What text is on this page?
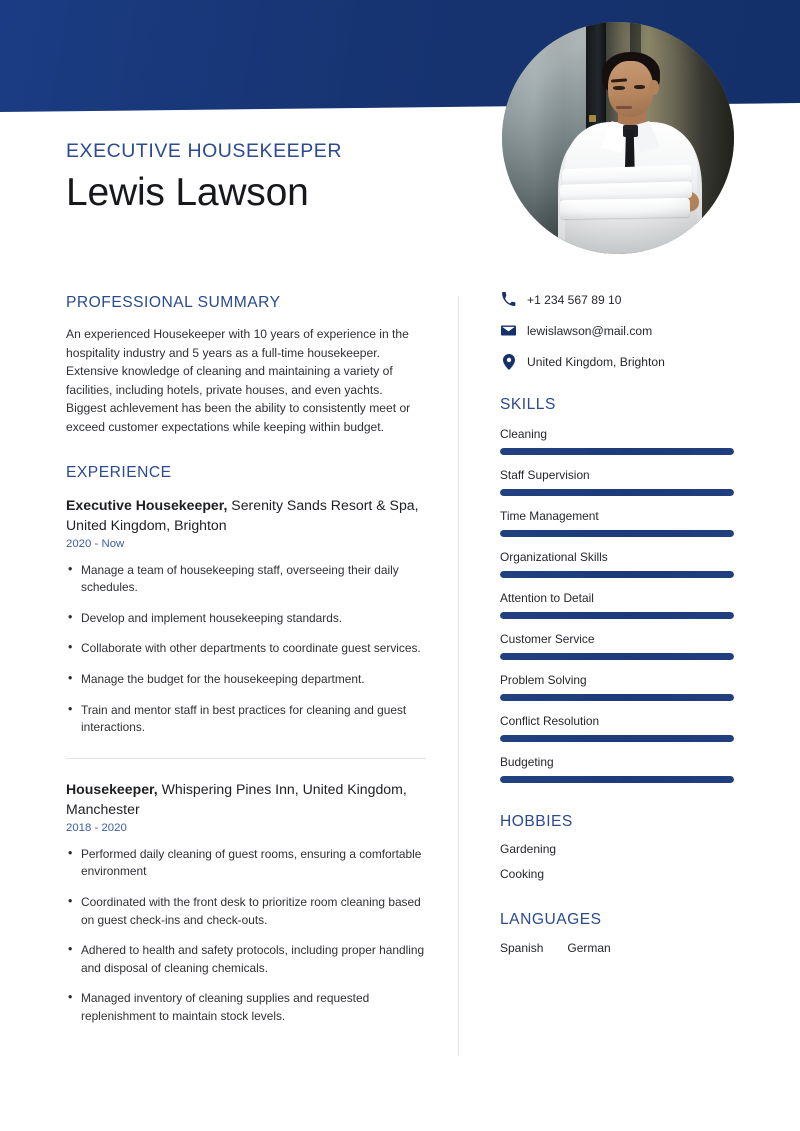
EXECUTIVE HOUSEKEEPER
Lewis Lawson
PROFESSIONAL SUMMARY
An experienced Housekeeper with 10 years of experience in the hospitality industry and 5 years as a full-time housekeeper. Extensive knowledge of cleaning and maintaining a variety of facilities, including hotels, private houses, and even yachts. Biggest achlevement has been the ability to consistently meet or exceed customer expectations while keeping within budget.
EXPERIENCE
Executive Housekeeper, Serenity Sands Resort & Spa, United Kingdom, Brighton
2020 - Now
• Manage a team of housekeeping staff, overseeing their daily schedules.
• Develop and implement housekeeping standards.
• Collaborate with other departments to coordinate guest services.
• Manage the budget for the housekeeping department.
• Train and mentor staff in best practices for cleaning and guest interactions.
Housekeeper, Whispering Pines Inn, United Kingdom, Manchester
2018 - 2020
• Performed daily cleaning of guest rooms, ensuring a comfortable environment
• Coordinated with the front desk to prioritize room cleaning based on guest check-ins and check-outs.
• Adhered to health and safety protocols, including proper handling and disposal of cleaning chemicals.
• Managed inventory of cleaning supplies and requested replenishment to maintain stock levels.
+1 234 567 89 10
lewislawson@mail.com
United Kingdom, Brighton
SKILLS
Cleaning
Staff Supervision
Time Management
Organizational Skills
Attention to Detail
Customer Service
Problem Solving
Conflict Resolution
Budgeting
HOBBIES
Gardening
Cooking
LANGUAGES
Spanish German
